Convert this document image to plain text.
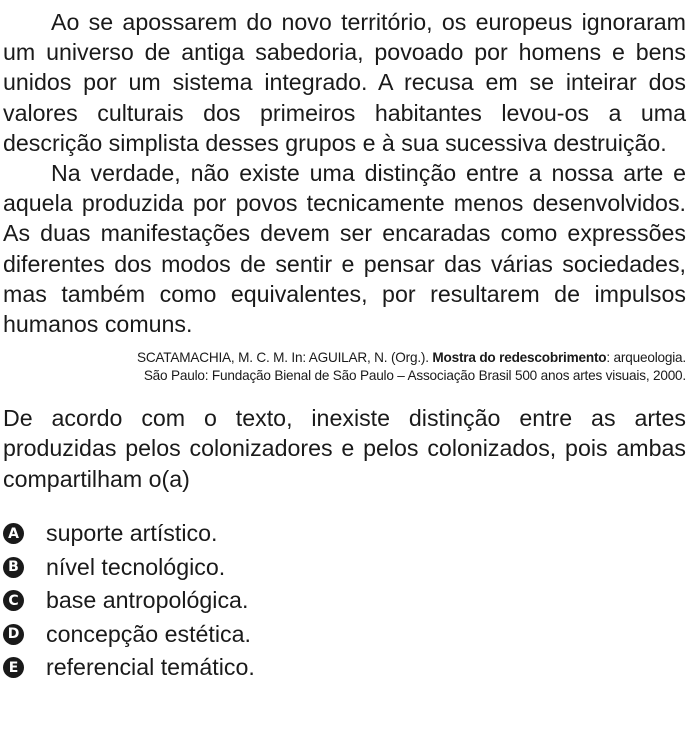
Ao se apossarem do novo território, os europeus ignoraram um universo de antiga sabedoria, povoado por homens e bens unidos por um sistema integrado. A recusa em se inteirar dos valores culturais dos primeiros habitantes levou-os a uma descrição simplista desses grupos e à sua sucessiva destruição.

Na verdade, não existe uma distinção entre a nossa arte e aquela produzida por povos tecnicamente menos desenvolvidos. As duas manifestações devem ser encaradas como expressões diferentes dos modos de sentir e pensar das várias sociedades, mas também como equivalentes, por resultarem de impulsos humanos comuns.

SCATAMACHIA, M. C. M. In: AGUILAR, N. (Org.). Mostra do redescobrimento: arqueologia.
São Paulo: Fundação Bienal de São Paulo – Associação Brasil 500 anos artes visuais, 2000.

De acordo com o texto, inexiste distinção entre as artes produzidas pelos colonizadores e pelos colonizados, pois ambas compartilham o(a)

A suporte artístico.
B nível tecnológico.
C base antropológica.
D concepção estética.
E referencial temático.
